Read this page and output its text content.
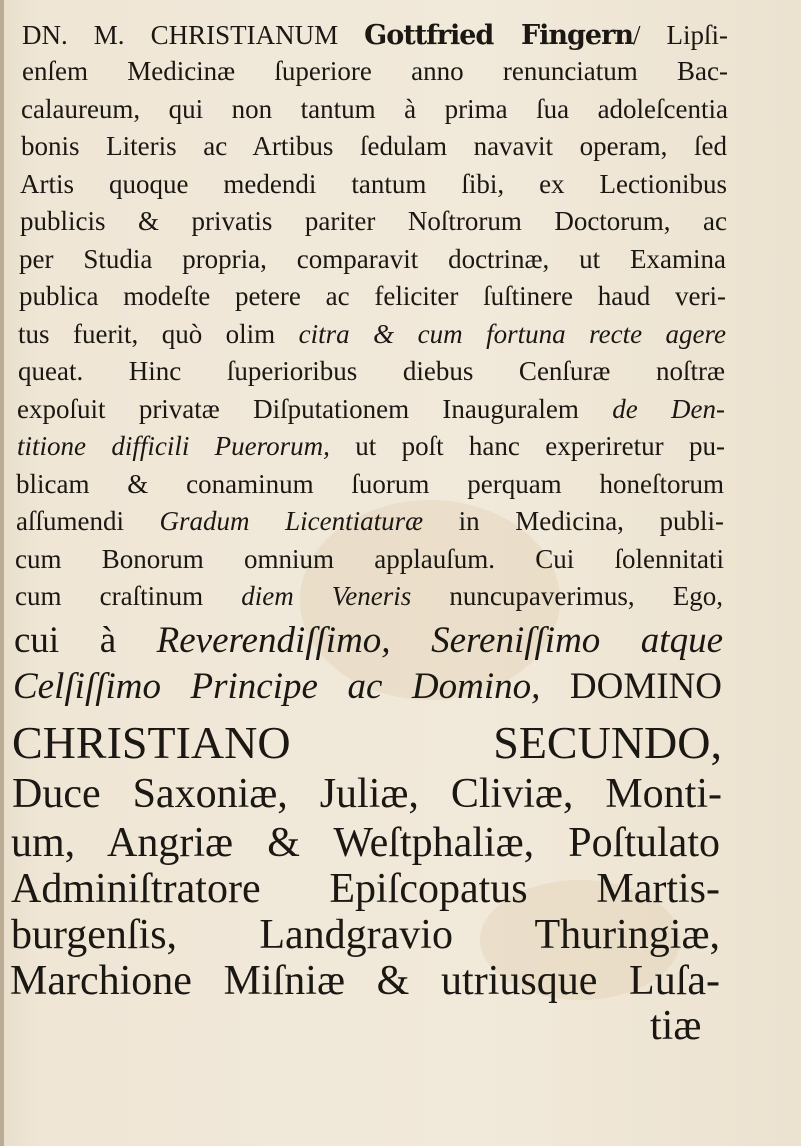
DN. M. CHRISTIANUM Gottfried Fingern/ Lipſi-
enſem Medicinæ ſuperiore anno renunciatum Bac-
calaureum, qui non tantum à prima ſua adoleſcentia
bonis Literis ac Artibus ſedulam navavit operam, ſed
Artis quoque medendi tantum ſibi, ex Lectionibus
publicis & privatis pariter Noſtrorum Doctorum, ac
per Studia propria, comparavit doctrinæ, ut Examina
publica modeſte petere ac feliciter ſuſtinere haud veri-
tus fuerit, quò olim citra & cum fortuna recte agere
queat. Hinc ſuperioribus diebus Cenſuræ noſtræ
expoſuit privatæ Diſputationem Inauguralem de Den-
titione difficili Puerorum, ut poſt hanc experiretur pu-
blicam & conaminum ſuorum perquam honeſtorum
aſſumendi Gradum Licentiaturæ in Medicina, publi-
cum Bonorum omnium applauſum. Cui ſolennitati
cum craſtinum diem Veneris nuncupaverimus, Ego,
cui à Reverendiſſimo, Sereniſſimo atque
Celſiſſimo Principe ac Domino, DOMINO
CHRISTIANO SECUNDO,
Duce Saxoniæ, Juliæ, Cliviæ, Monti-
um, Angriæ & Weſtphaliæ, Poſtulato
Adminiſtratore Epiſcopatus Martis-
burgenſis, Landgravio Thuringiæ,
Marchione Miſniæ & utriusque Luſa-
tiæ
